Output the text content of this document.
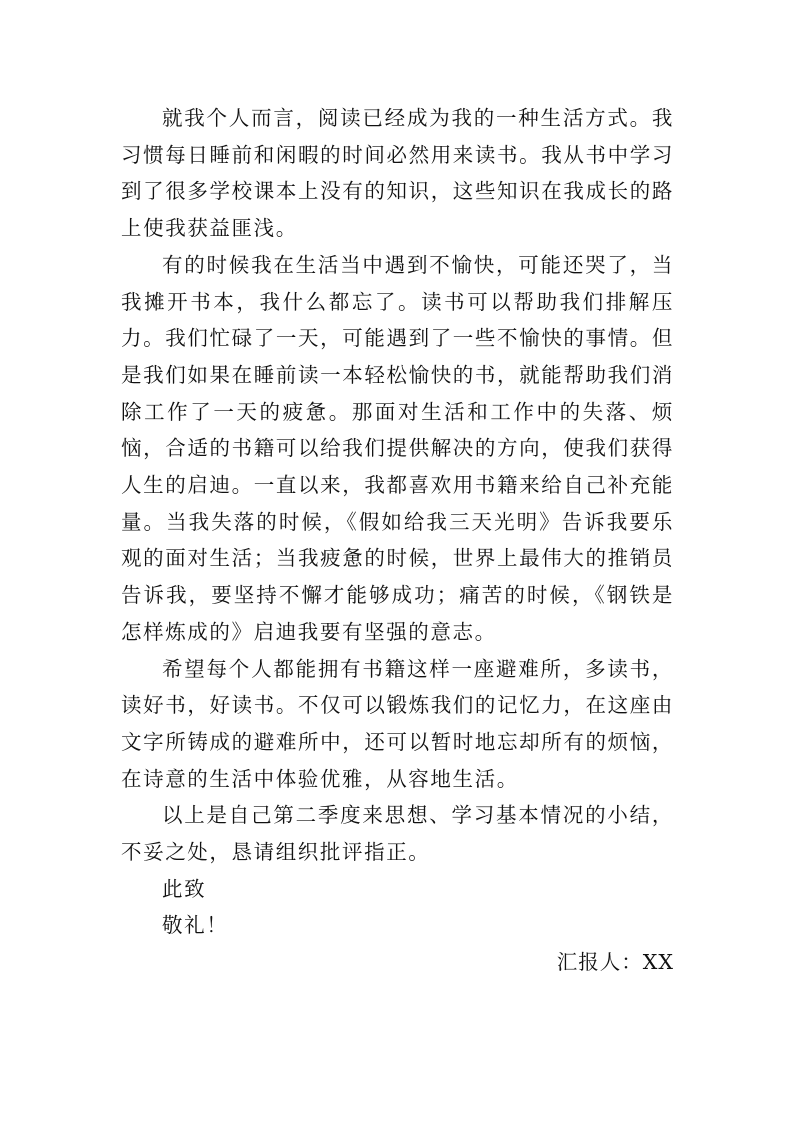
就我个人而言，阅读已经成为我的一种生活方式。我习惯每日睡前和闲暇的时间必然用来读书。我从书中学习到了很多学校课本上没有的知识，这些知识在我成长的路上使我获益匪浅。

有的时候我在生活当中遇到不愉快，可能还哭了，当我摊开书本，我什么都忘了。读书可以帮助我们排解压力。我们忙碌了一天，可能遇到了一些不愉快的事情。但是我们如果在睡前读一本轻松愉快的书，就能帮助我们消除工作了一天的疲惫。那面对生活和工作中的失落、烦恼，合适的书籍可以给我们提供解决的方向，使我们获得人生的启迪。一直以来，我都喜欢用书籍来给自己补充能量。当我失落的时候，《假如给我三天光明》告诉我要乐观的面对生活；当我疲惫的时候，世界上最伟大的推销员告诉我，要坚持不懈才能够成功；痛苦的时候，《钢铁是怎样炼成的》启迪我要有坚强的意志。

希望每个人都能拥有书籍这样一座避难所，多读书，读好书，好读书。不仅可以锻炼我们的记忆力，在这座由文字所铸成的避难所中，还可以暂时地忘却所有的烦恼，在诗意的生活中体验优雅，从容地生活。

以上是自己第二季度来思想、学习基本情况的小结，不妥之处，恳请组织批评指正。

此致

敬礼！

汇报人：XX
